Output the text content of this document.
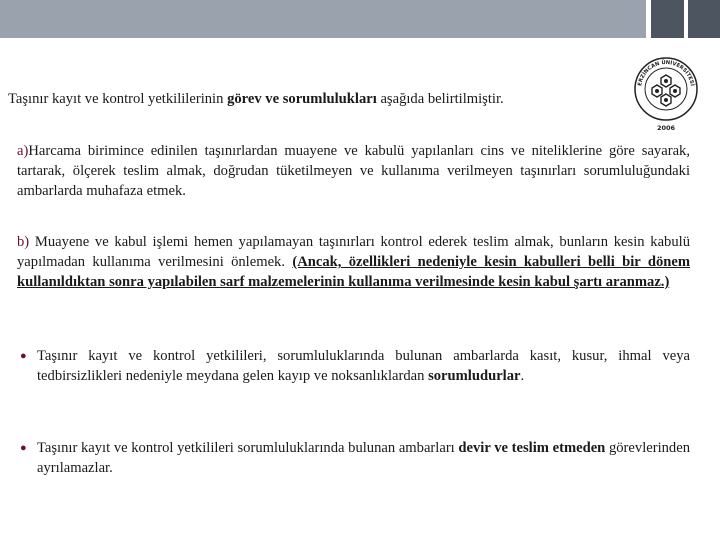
Taşınır kayıt ve kontrol yetkililerinin görev ve sorumlulukları aşağıda belirtilmiştir.
ERZİNCAN ÜNİVERSİTESİ
2006
a)Harcama birimince edinilen taşınırlardan muayene ve kabulü yapılanları cins ve niteliklerine göre sayarak, tartarak, ölçerek teslim almak, doğrudan tüketilmeyen ve kullanıma verilmeyen taşınırları sorumluluğundaki ambarlarda muhafaza etmek.
b) Muayene ve kabul işlemi hemen yapılamayan taşınırları kontrol ederek teslim almak, bunların kesin kabulü yapılmadan kullanıma verilmesini önlemek. (Ancak, özellikleri nedeniyle kesin kabulleri belli bir dönem kullanıldıktan sonra yapılabilen sarf malzemelerinin kullanıma verilmesinde kesin kabul şartı aranmaz.)
● Taşınır kayıt ve kontrol yetkilileri, sorumluluklarında bulunan ambarlarda kasıt, kusur, ihmal veya tedbirsizlikleri nedeniyle meydana gelen kayıp ve noksanlıklardan sorumludurlar.
● Taşınır kayıt ve kontrol yetkilileri sorumluluklarında bulunan ambarları devir ve teslim etmeden görevlerinden ayrılamazlar.
